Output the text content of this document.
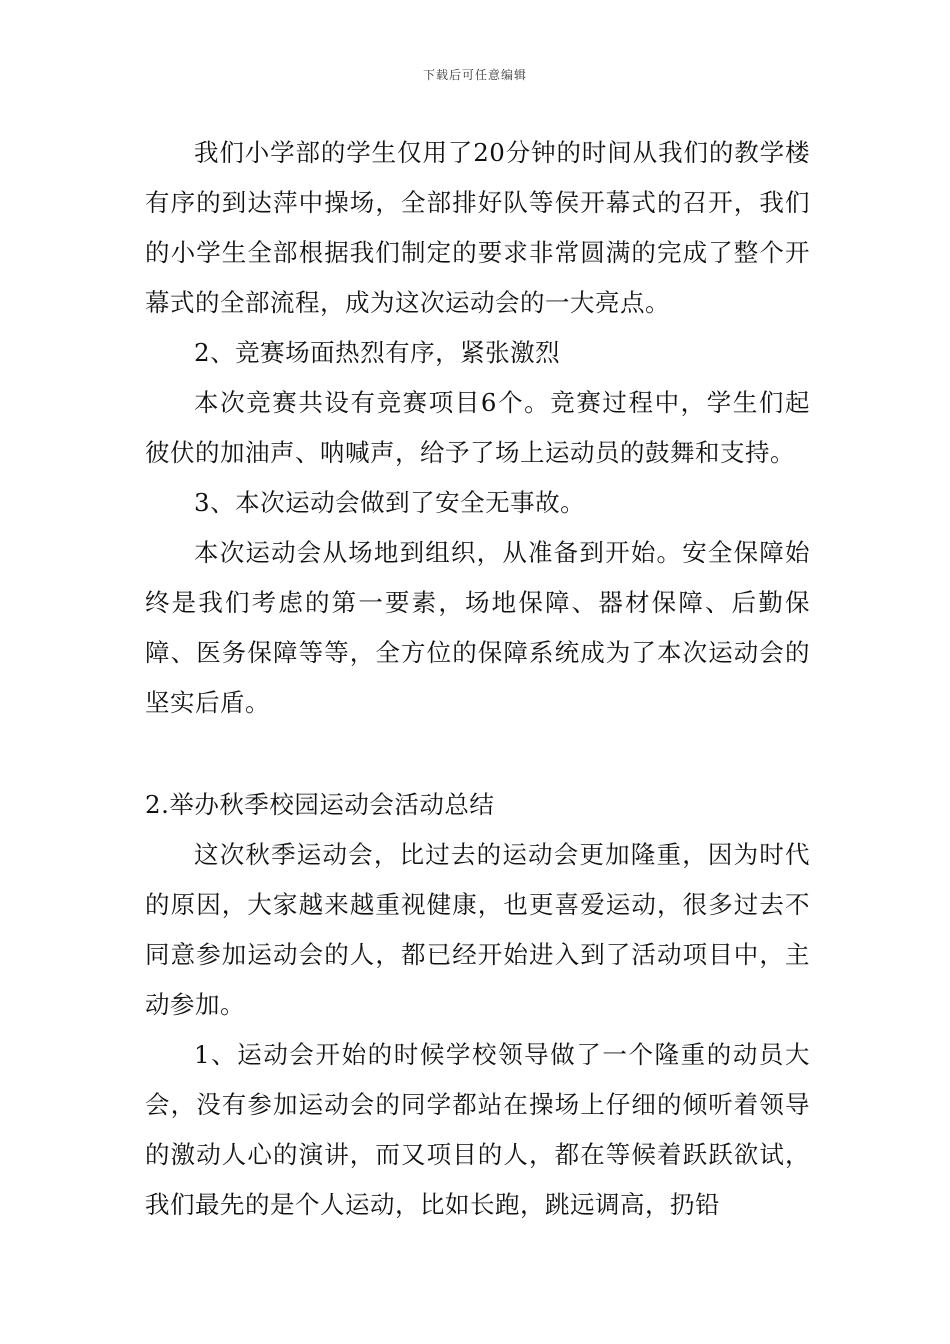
下载后可任意编辑

我们小学部的学生仅用了20分钟的时间从我们的教学楼有序的到达萍中操场，全部排好队等侯开幕式的召开，我们的小学生全部根据我们制定的要求非常圆满的完成了整个开幕式的全部流程，成为这次运动会的一大亮点。

2、竞赛场面热烈有序，紧张激烈

本次竞赛共设有竞赛项目6个。竞赛过程中，学生们起彼伏的加油声、呐喊声，给予了场上运动员的鼓舞和支持。

3、本次运动会做到了安全无事故。

本次运动会从场地到组织，从准备到开始。安全保障始终是我们考虑的第一要素，场地保障、器材保障、后勤保障、医务保障等等，全方位的保障系统成为了本次运动会的坚实后盾。

2.举办秋季校园运动会活动总结

这次秋季运动会，比过去的运动会更加隆重，因为时代的原因，大家越来越重视健康，也更喜爱运动，很多过去不同意参加运动会的人，都已经开始进入到了活动项目中，主动参加。

1、运动会开始的时候学校领导做了一个隆重的动员大会，没有参加运动会的同学都站在操场上仔细的倾听着领导的激动人心的演讲，而又项目的人，都在等候着跃跃欲试，我们最先的是个人运动，比如长跑，跳远调高，扔铅
